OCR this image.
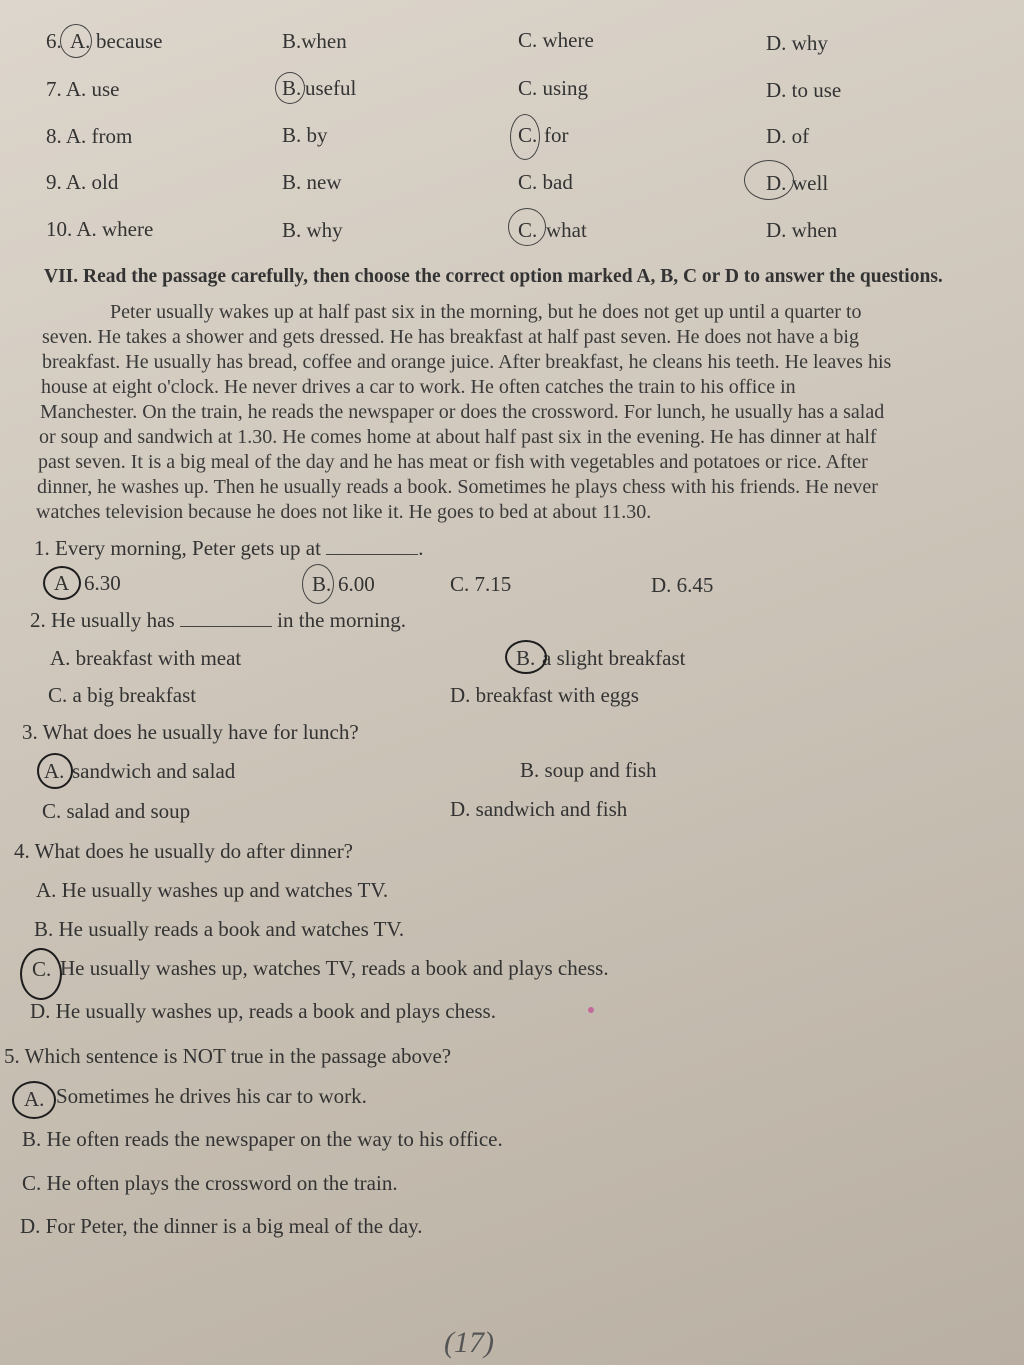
6. A. because	B.when	C. where	D. why
7. A. use	B. useful	C. using	D. to use
8. A. from	B. by	C. for	D. of
9. A. old	B. new	C. bad	D. well
10. A. where	B. why	C. what	D. when
VII. Read the passage carefully, then choose the correct option marked A, B, C or D to answer the questions.
Peter usually wakes up at half past six in the morning, but he does not get up until a quarter to
seven. He takes a shower and gets dressed. He has breakfast at half past seven. He does not have a big
breakfast. He usually has bread, coffee and orange juice. After breakfast, he cleans his teeth. He leaves his
house at eight o'clock. He never drives a car to work. He often catches the train to his office in
Manchester. On the train, he reads the newspaper or does the crossword. For lunch, he usually has a salad
or soup and sandwich at 1.30. He comes home at about half past six in the evening. He has dinner at half
past seven. It is a big meal of the day and he has meat or fish with vegetables and potatoes or rice. After
dinner, he washes up. Then he usually reads a book. Sometimes he plays chess with his friends. He never
watches television because he does not like it. He goes to bed at about 11.30.
1. Every morning, Peter gets up at	.
A 6.30	B. 6.00	C. 7.15	D. 6.45
2. He usually has	in the morning.
A. breakfast with meat	B. a slight breakfast
C. a big breakfast	D. breakfast with eggs
3. What does he usually have for lunch?
A. sandwich and salad	B. soup and fish
C. salad and soup	D. sandwich and fish
4. What does he usually do after dinner?
A. He usually washes up and watches TV.
B. He usually reads a book and watches TV.
C. He usually washes up, watches TV, reads a book and plays chess.
D. He usually washes up, reads a book and plays chess.
5. Which sentence is NOT true in the passage above?
A. Sometimes he drives his car to work.
B. He often reads the newspaper on the way to his office.
C. He often plays the crossword on the train.
D. For Peter, the dinner is a big meal of the day.
(17)
